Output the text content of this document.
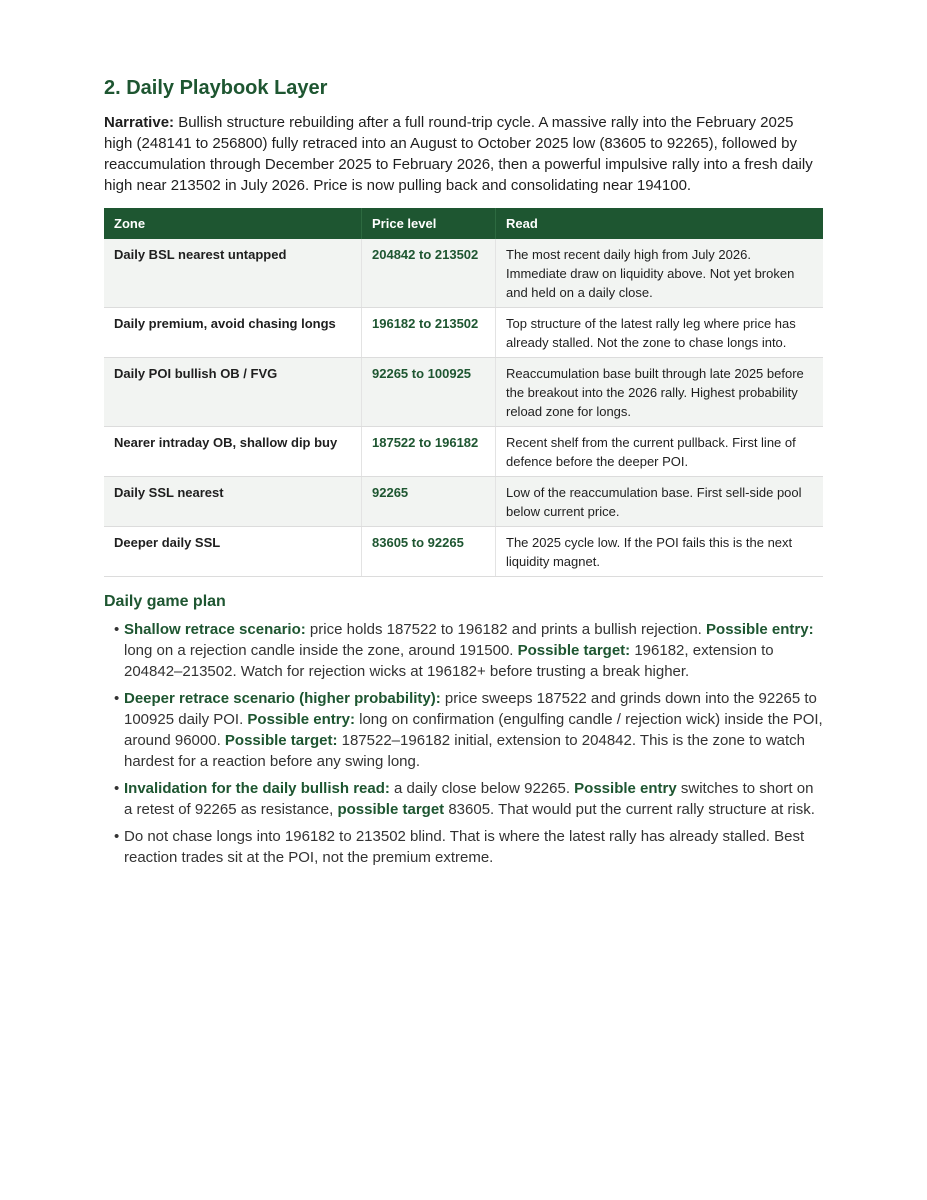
2. Daily Playbook Layer

Narrative: Bullish structure rebuilding after a full round-trip cycle. A massive rally into the February 2025 high (248141 to 256800) fully retraced into an August to October 2025 low (83605 to 92265), followed by reaccumulation through December 2025 to February 2026, then a powerful impulsive rally into a fresh daily high near 213502 in July 2026. Price is now pulling back and consolidating near 194100.

Zone	Price level	Read
Daily BSL nearest untapped	204842 to 213502	The most recent daily high from July 2026. Immediate draw on liquidity above. Not yet broken and held on a daily close.
Daily premium, avoid chasing longs	196182 to 213502	Top structure of the latest rally leg where price has already stalled. Not the zone to chase longs into.
Daily POI bullish OB / FVG	92265 to 100925	Reaccumulation base built through late 2025 before the breakout into the 2026 rally. Highest probability reload zone for longs.
Nearer intraday OB, shallow dip buy	187522 to 196182	Recent shelf from the current pullback. First line of defence before the deeper POI.
Daily SSL nearest	92265	Low of the reaccumulation base. First sell-side pool below current price.
Deeper daily SSL	83605 to 92265	The 2025 cycle low. If the POI fails this is the next liquidity magnet.
Daily game plan
• Shallow retrace scenario: price holds 187522 to 196182 and prints a bullish rejection. Possible entry: long on a rejection candle inside the zone, around 191500. Possible target: 196182, extension to 204842–213502. Watch for rejection wicks at 196182+ before trusting a break higher.
• Deeper retrace scenario (higher probability): price sweeps 187522 and grinds down into the 92265 to 100925 daily POI. Possible entry: long on confirmation (engulfing candle / rejection wick) inside the POI, around 96000. Possible target: 187522–196182 initial, extension to 204842. This is the zone to watch hardest for a reaction before any swing long.
• Invalidation for the daily bullish read: a daily close below 92265. Possible entry switches to short on a retest of 92265 as resistance, possible target 83605. That would put the current rally structure at risk.
• Do not chase longs into 196182 to 213502 blind. That is where the latest rally has already stalled. Best reaction trades sit at the POI, not the premium extreme.
